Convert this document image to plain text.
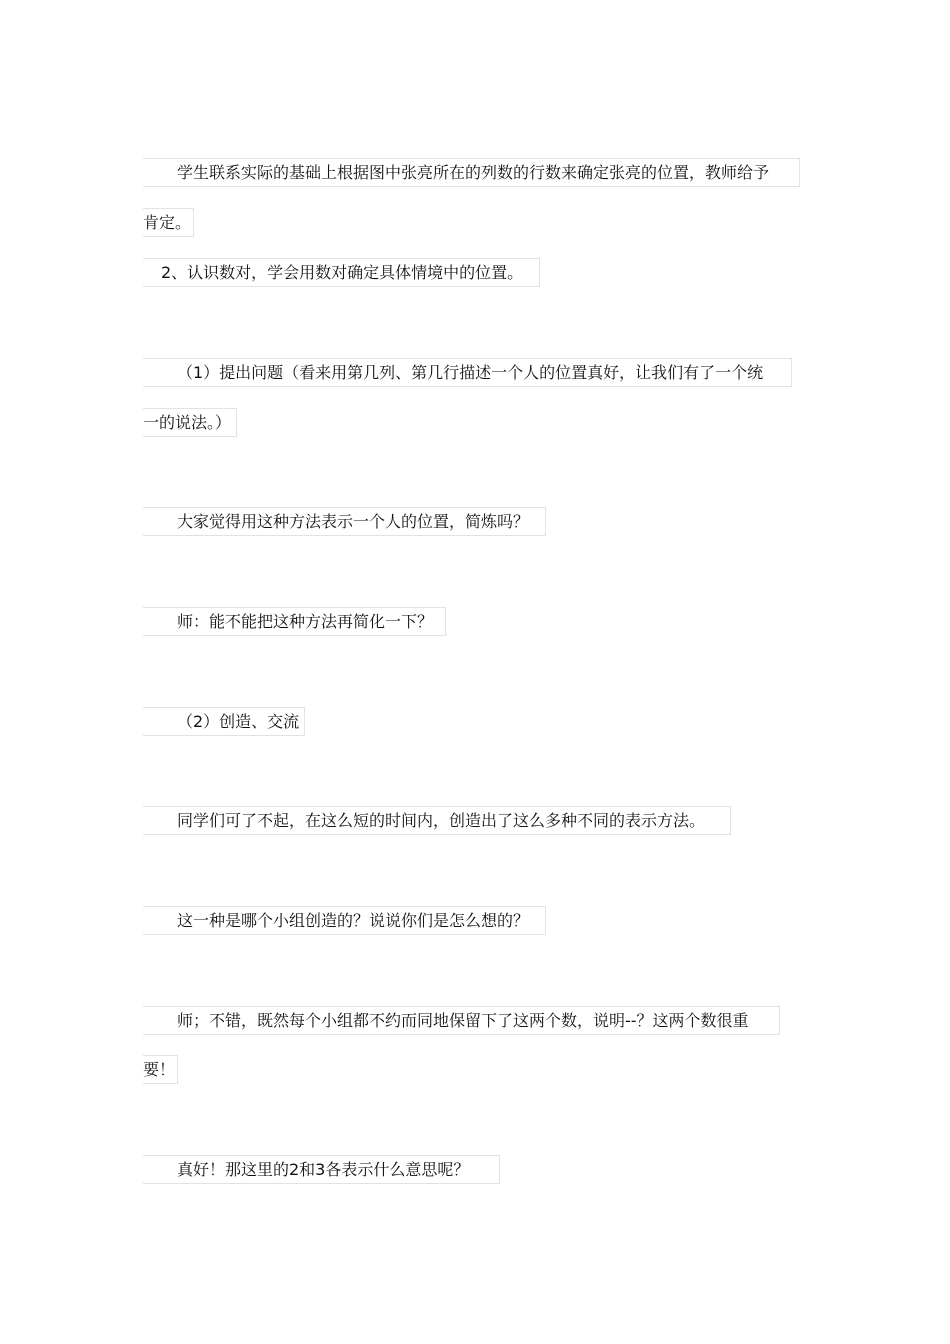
学生联系实际的基础上根据图中张亮所在的列数的行数来确定张亮的位置，教师给予
肯定。
2、认识数对，学会用数对确定具体情境中的位置。
（1）提出问题（看来用第几列、第几行描述一个人的位置真好，让我们有了一个统
一的说法。）
大家觉得用这种方法表示一个人的位置，简炼吗？
师：能不能把这种方法再简化一下？
（2）创造、交流
同学们可了不起，在这么短的时间内，创造出了这么多种不同的表示方法。
这一种是哪个小组创造的？说说你们是怎么想的？
师；不错，既然每个小组都不约而同地保留下了这两个数，说明--？这两个数很重
要！
真好！那这里的2和3各表示什么意思呢？
